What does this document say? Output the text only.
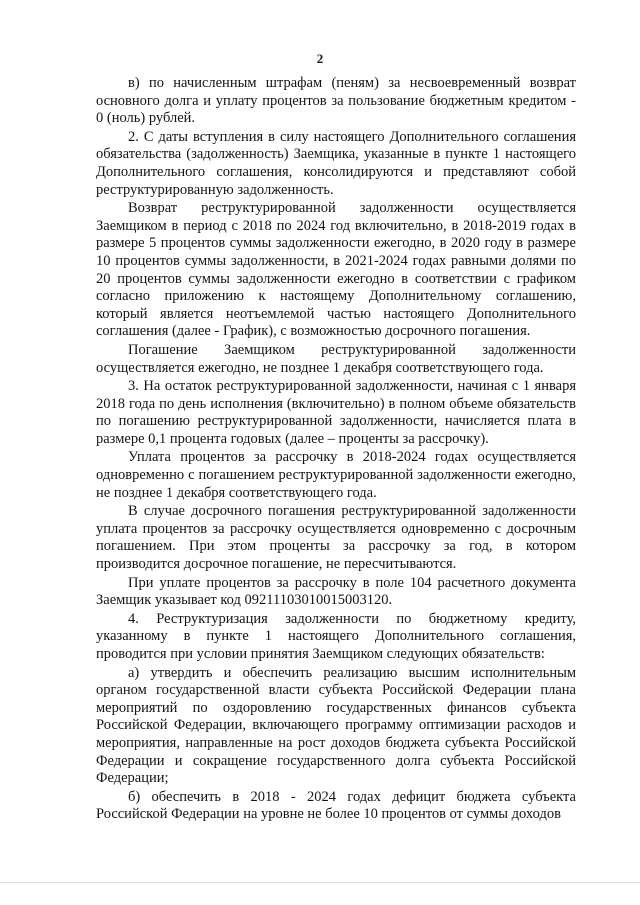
2

в) по начисленным штрафам (пеням) за несвоевременный возврат основного долга и уплату процентов за пользование бюджетным кредитом - 0 (ноль) рублей.

2. С даты вступления в силу настоящего Дополнительного соглашения обязательства (задолженность) Заемщика, указанные в пункте 1 настоящего Дополнительного соглашения, консолидируются и представляют собой реструктурированную задолженность.

Возврат реструктурированной задолженности осуществляется Заемщиком в период с 2018 по 2024 год включительно, в 2018-2019 годах в размере 5 процентов суммы задолженности ежегодно, в 2020 году в размере 10 процентов суммы задолженности, в 2021-2024 годах равными долями по 20 процентов суммы задолженности ежегодно в соответствии с графиком согласно приложению к настоящему Дополнительному соглашению, который является неотъемлемой частью настоящего Дополнительного соглашения (далее - График), с возможностью досрочного погашения.

Погашение Заемщиком реструктурированной задолженности осуществляется ежегодно, не позднее 1 декабря соответствующего года.

3. На остаток реструктурированной задолженности, начиная с 1 января 2018 года по день исполнения (включительно) в полном объеме обязательств по погашению реструктурированной задолженности, начисляется плата в размере 0,1 процента годовых (далее – проценты за рассрочку).

Уплата процентов за рассрочку в 2018-2024 годах осуществляется одновременно с погашением реструктурированной задолженности ежегодно, не позднее 1 декабря соответствующего года.

В случае досрочного погашения реструктурированной задолженности уплата процентов за рассрочку осуществляется одновременно с досрочным погашением. При этом проценты за рассрочку за год, в котором производится досрочное погашение, не пересчитываются.

При уплате процентов за рассрочку в поле 104 расчетного документа Заемщик указывает код 09211103010015003120.

4. Реструктуризация задолженности по бюджетному кредиту, указанному в пункте 1 настоящего Дополнительного соглашения, проводится при условии принятия Заемщиком следующих обязательств:

а) утвердить и обеспечить реализацию высшим исполнительным органом государственной власти субъекта Российской Федерации плана мероприятий по оздоровлению государственных финансов субъекта Российской Федерации, включающего программу оптимизации расходов и мероприятия, направленные на рост доходов бюджета субъекта Российской Федерации и сокращение государственного долга субъекта Российской Федерации;

б) обеспечить в 2018 - 2024 годах дефицит бюджета субъекта Российской Федерации на уровне не более 10 процентов от суммы доходов
